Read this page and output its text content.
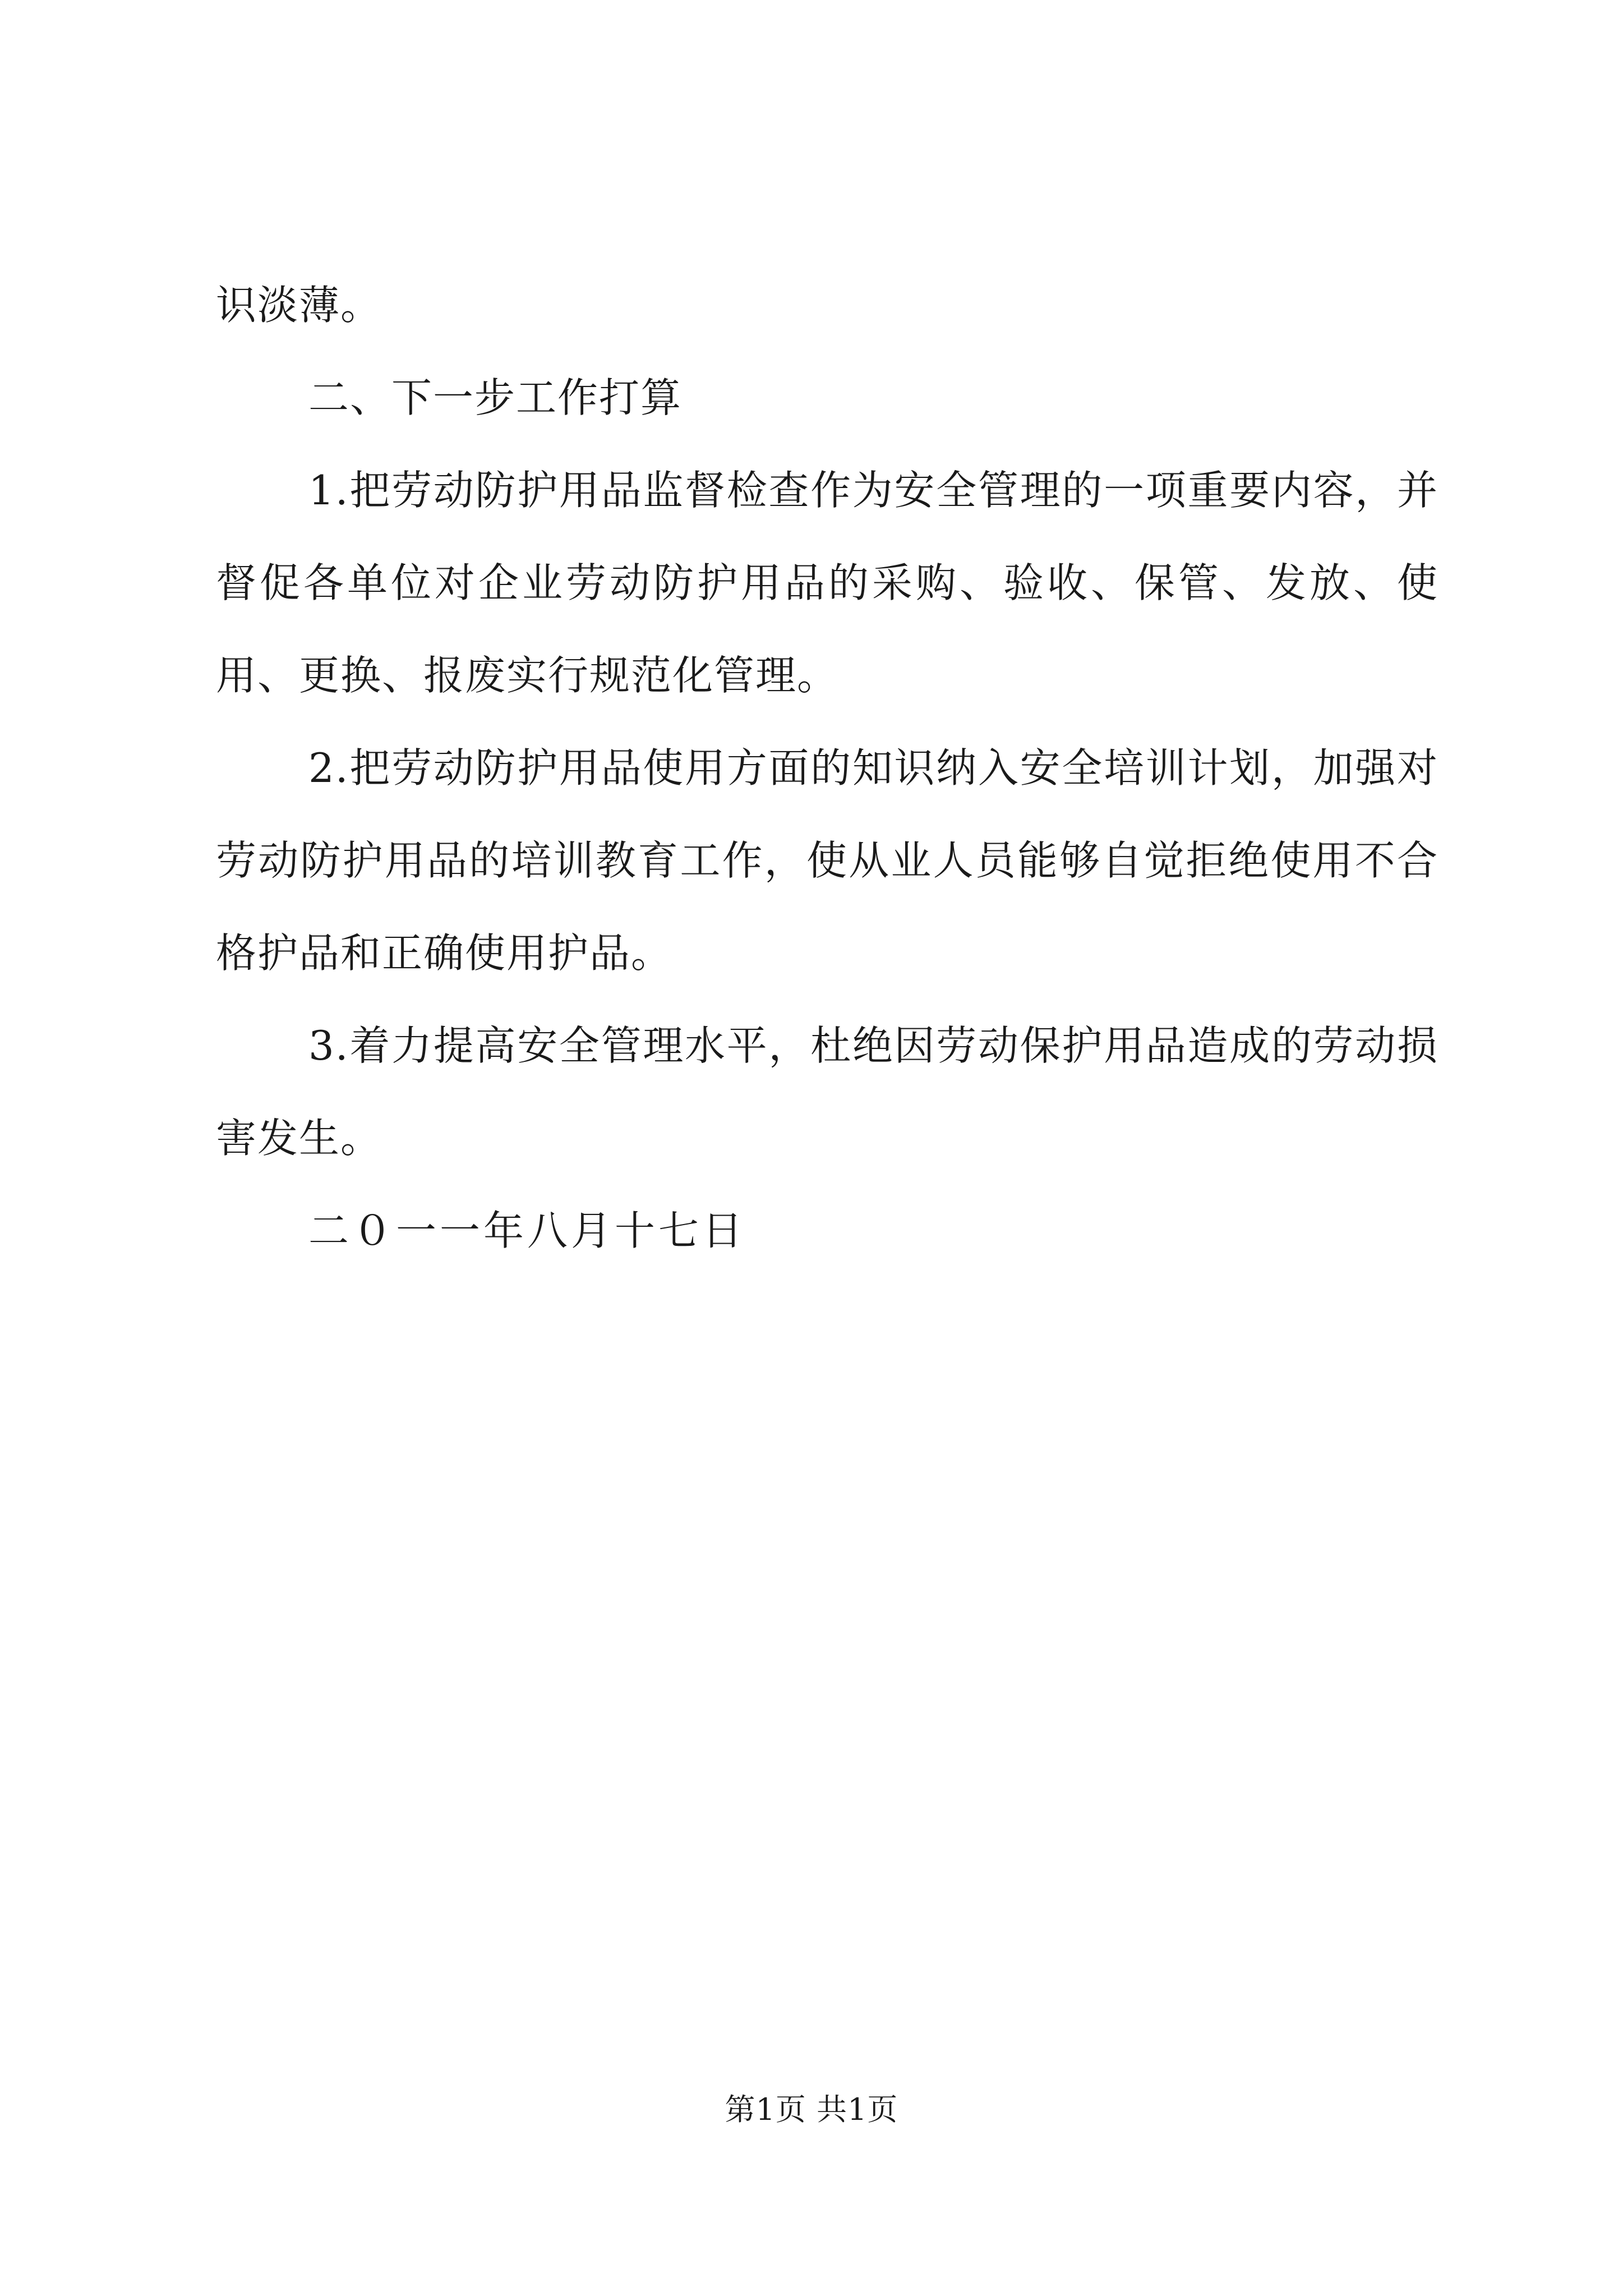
识淡薄。

二、下一步工作打算

1.把劳动防护用品监督检查作为安全管理的一项重要内容，并督促各单位对企业劳动防护用品的采购、验收、保管、发放、使用、更换、报废实行规范化管理。

2.把劳动防护用品使用方面的知识纳入安全培训计划，加强对劳动防护用品的培训教育工作，使从业人员能够自觉拒绝使用不合格护品和正确使用护品。

3.着力提高安全管理水平，杜绝因劳动保护用品造成的劳动损害发生。

二０一一年八月十七日

第1页 共1页
